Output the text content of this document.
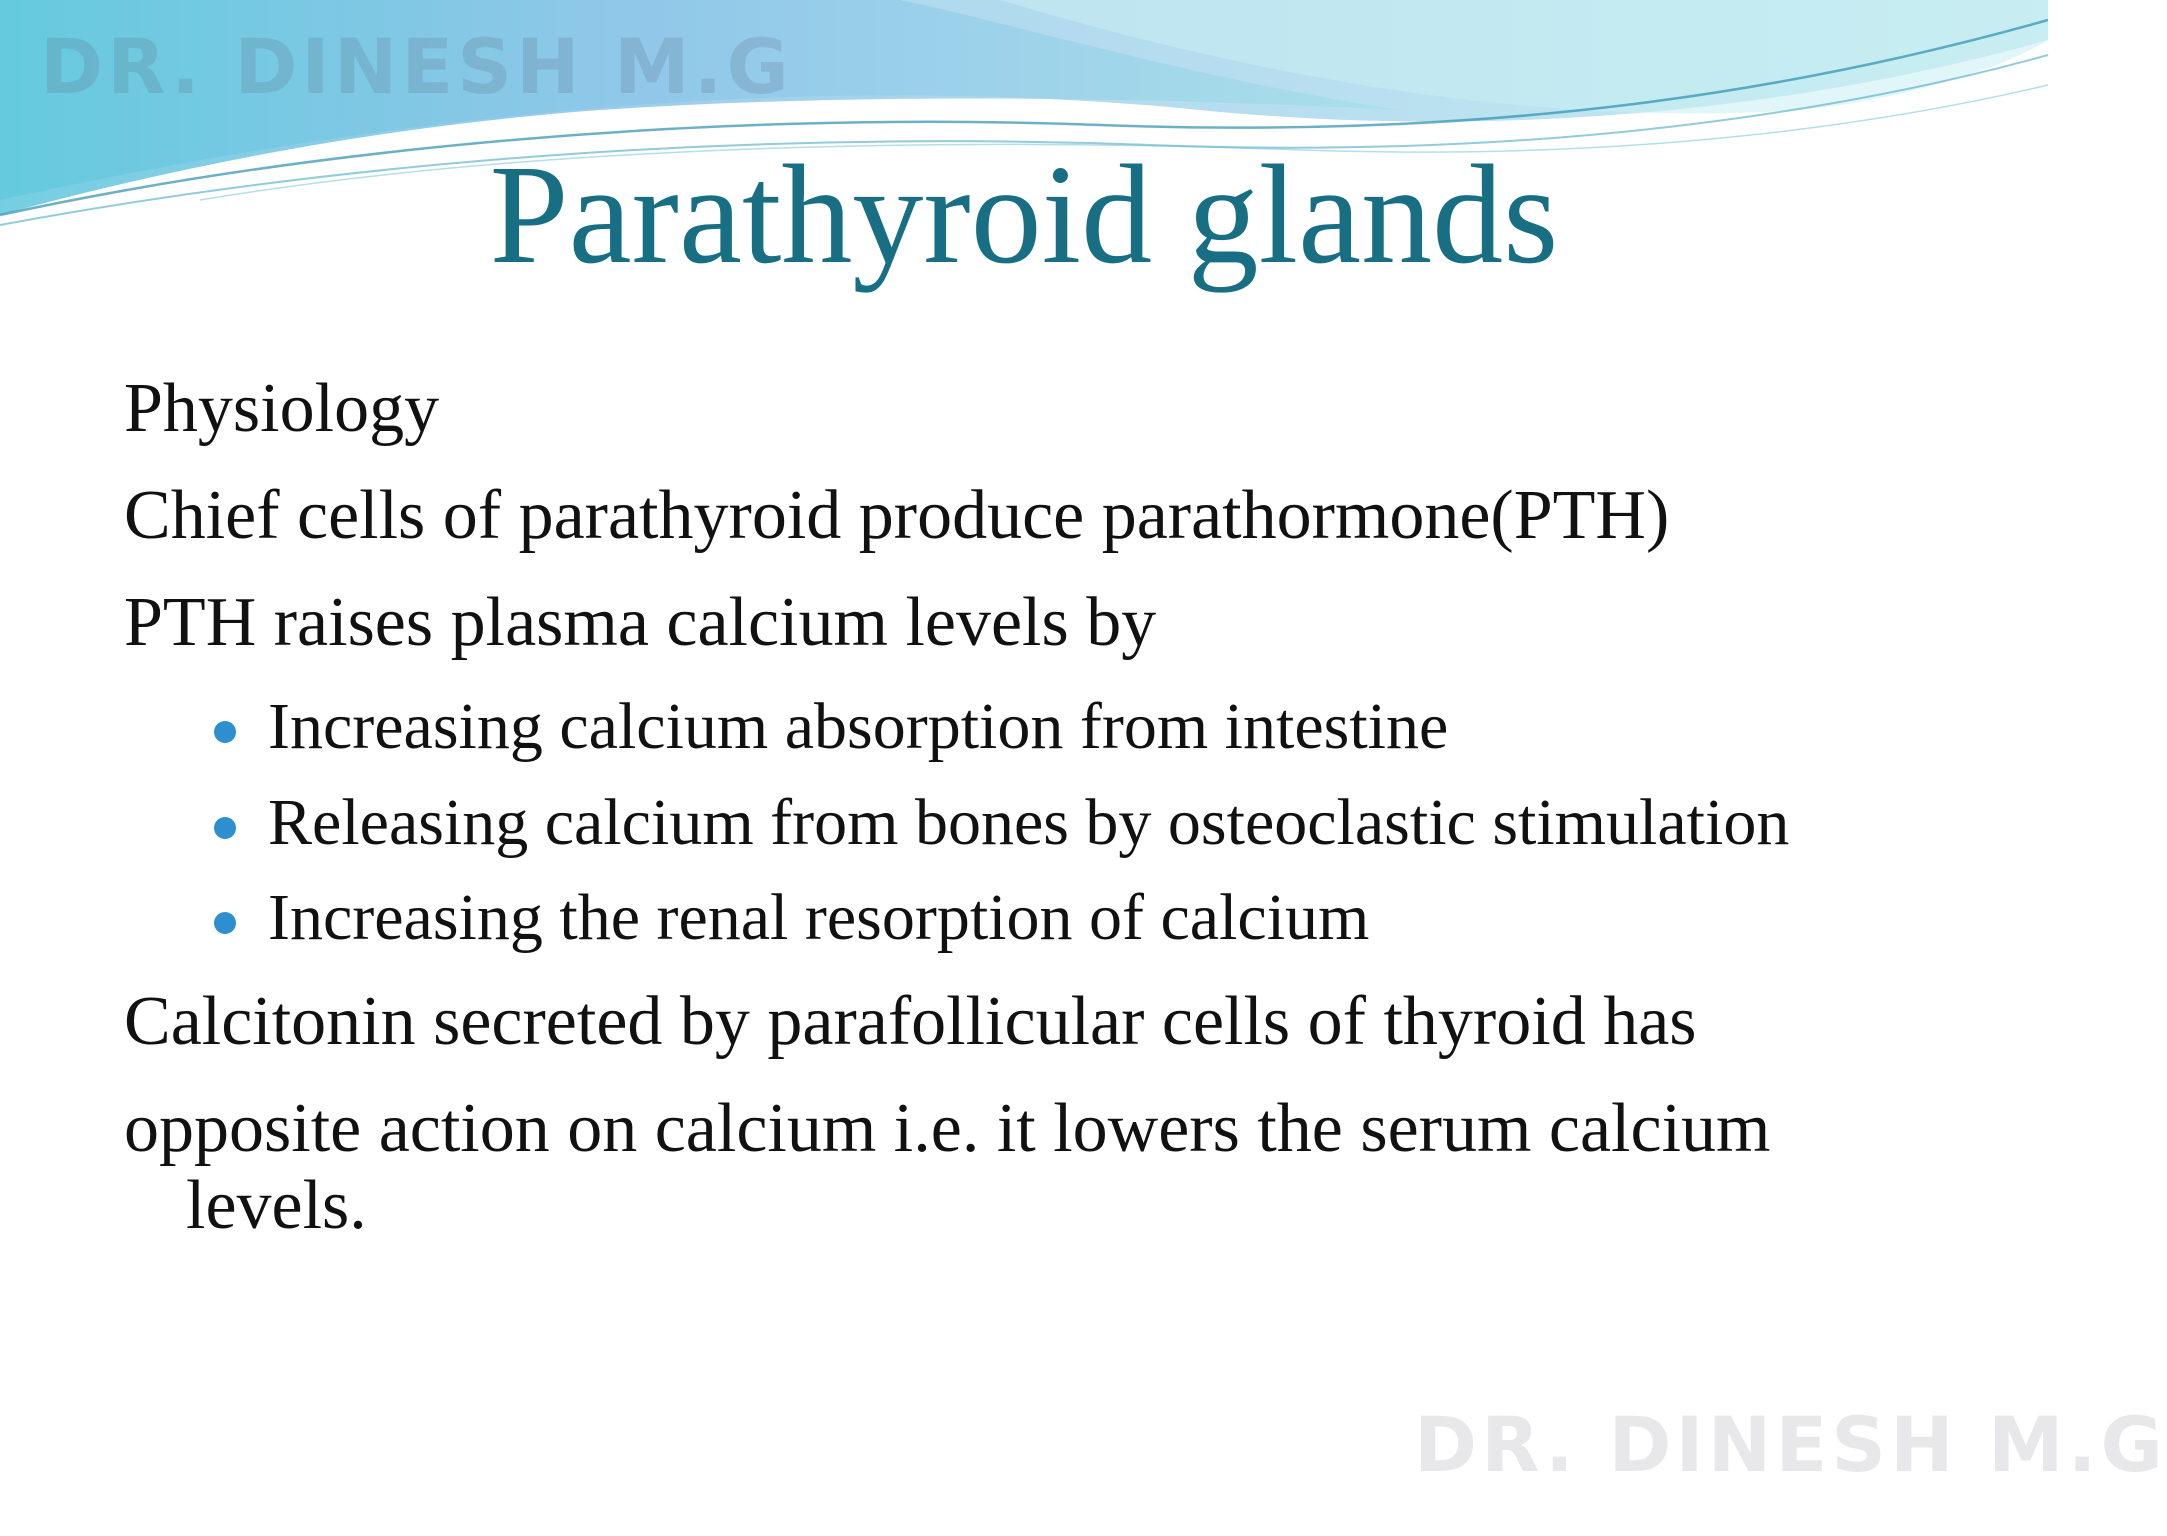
DR. DINESH M.G
Parathyroid glands
Physiology
Chief cells of parathyroid produce parathormone(PTH)
PTH raises plasma calcium levels by
Increasing calcium absorption from intestine
Releasing calcium from bones by osteoclastic stimulation
Increasing the renal resorption of calcium
Calcitonin secreted by parafollicular cells of thyroid has
opposite action on calcium i.e. it lowers the serum calcium
levels.
DR. DINESH M.G
